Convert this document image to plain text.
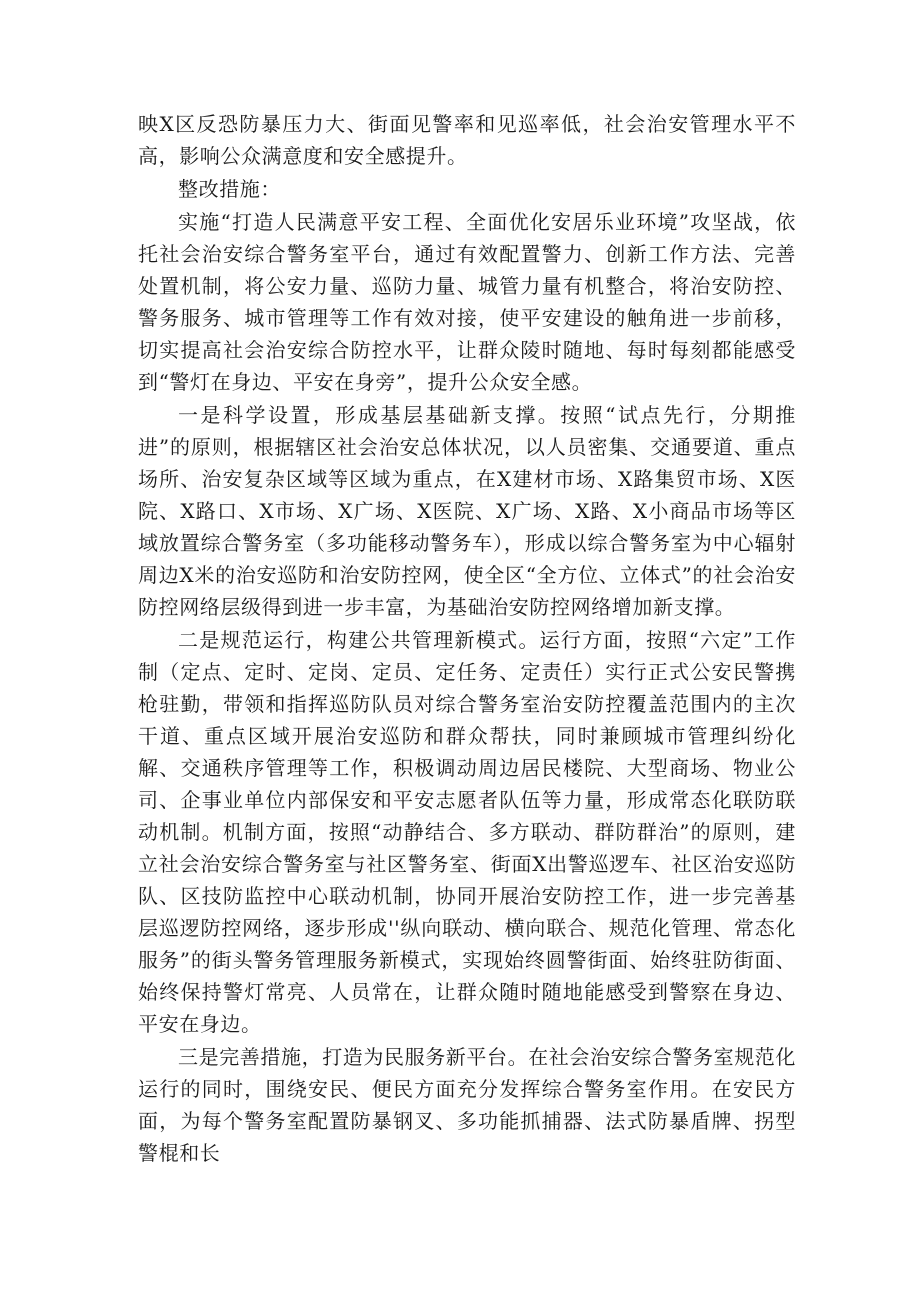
映X区反恐防暴压力大、街面见警率和见巡率低，社会治安管理水平不高，影响公众满意度和安全感提升。

整改措施：

实施“打造人民满意平安工程、全面优化安居乐业环境”攻坚战，依托社会治安综合警务室平台，通过有效配置警力、创新工作方法、完善处置机制，将公安力量、巡防力量、城管力量有机整合，将治安防控、警务服务、城市管理等工作有效对接，使平安建设的触角进一步前移，切实提高社会治安综合防控水平，让群众陵时随地、每时每刻都能感受到“警灯在身边、平安在身旁”，提升公众安全感。

一是科学设置，形成基层基础新支撑。按照“试点先行，分期推进”的原则，根据辖区社会治安总体状况，以人员密集、交通要道、重点场所、治安复杂区域等区域为重点，在X建材市场、X路集贸市场、X医院、X路口、X市场、X广场、X医院、X广场、X路、X小商品市场等区域放置综合警务室（多功能移动警务车），形成以综合警务室为中心辐射周边X米的治安巡防和治安防控网，使全区“全方位、立体式”的社会治安防控网络层级得到进一步丰富，为基础治安防控网络增加新支撑。

二是规范运行，构建公共管理新模式。运行方面，按照“六定”工作制（定点、定时、定岗、定员、定任务、定责任）实行正式公安民警携枪驻勤，带领和指挥巡防队员对综合警务室治安防控覆盖范围内的主次干道、重点区域开展治安巡防和群众帮扶，同时兼顾城市管理纠纷化解、交通秩序管理等工作，积极调动周边居民楼院、大型商场、物业公司、企事业单位内部保安和平安志愿者队伍等力量，形成常态化联防联动机制。机制方面，按照“动静结合、多方联动、群防群治”的原则，建立社会治安综合警务室与社区警务室、街面X出警巡逻车、社区治安巡防队、区技防监控中心联动机制，协同开展治安防控工作，进一步完善基层巡逻防控网络，逐步形成''纵向联动、横向联合、规范化管理、常态化服务”的街头警务管理服务新模式，实现始终圆警街面、始终驻防街面、始终保持警灯常亮、人员常在，让群众随时随地能感受到警察在身边、平安在身边。

三是完善措施，打造为民服务新平台。在社会治安综合警务室规范化运行的同时，围绕安民、便民方面充分发挥综合警务室作用。在安民方面，为每个警务室配置防暴钢叉、多功能抓捕器、法式防暴盾牌、拐型警棍和长
